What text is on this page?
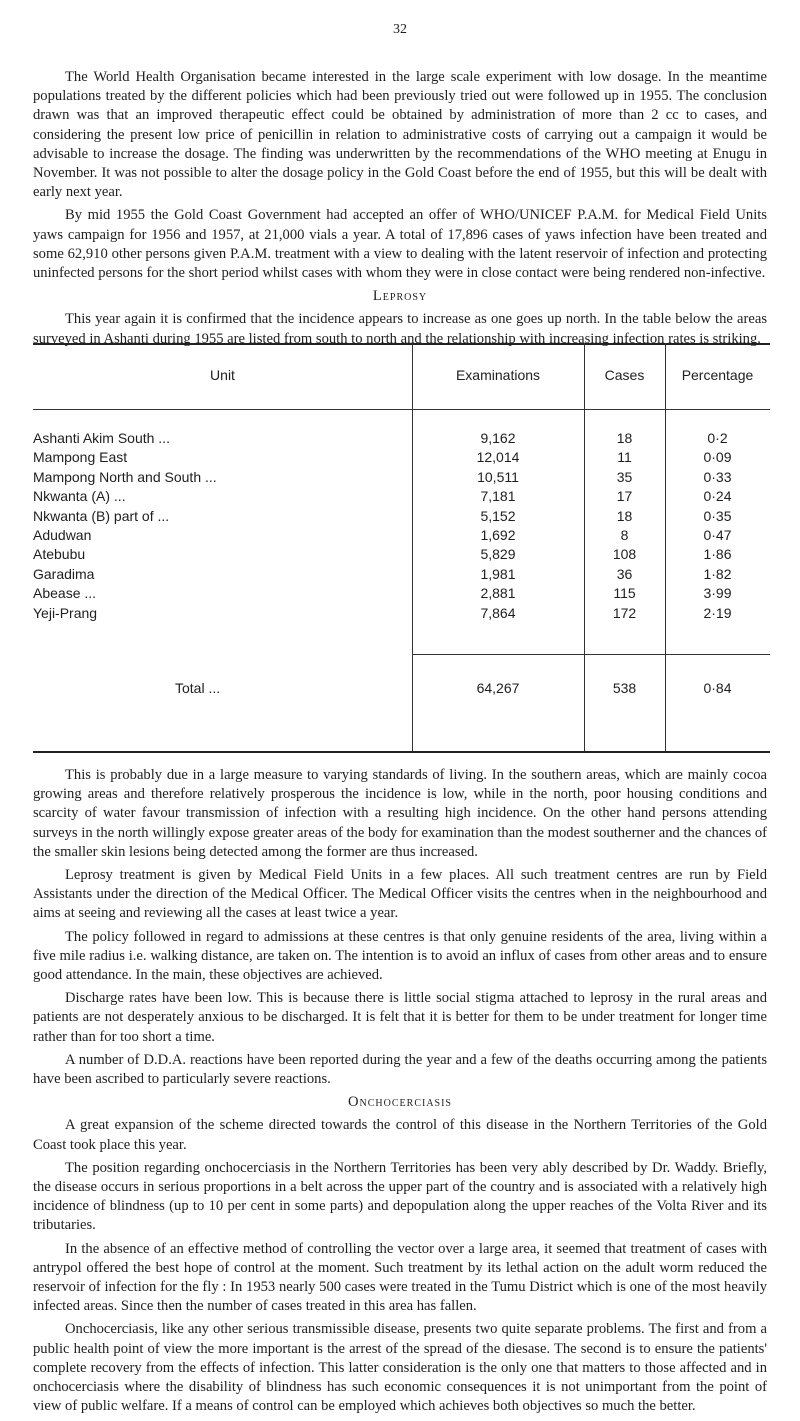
32

The World Health Organisation became interested in the large scale experiment with low dosage. In the meantime populations treated by the different policies which had been previously tried out were followed up in 1955. The conclusion drawn was that an improved therapeutic effect could be obtained by administration of more than 2 cc to cases, and considering the present low price of penicillin in relation to administrative costs of carrying out a campaign it would be advisable to increase the dosage. The finding was underwritten by the recommendations of the WHO meeting at Enugu in November. It was not possible to alter the dosage policy in the Gold Coast before the end of 1955, but this will be dealt with early next year.

By mid 1955 the Gold Coast Government had accepted an offer of WHO/UNICEF P.A.M. for Medical Field Units yaws campaign for 1956 and 1957, at 21,000 vials a year. A total of 17,896 cases of yaws infection have been treated and some 62,910 other persons given P.A.M. treatment with a view to dealing with the latent reservoir of infection and protecting uninfected persons for the short period whilst cases with whom they were in close contact were being rendered non-infective.

Leprosy

This year again it is confirmed that the incidence appears to increase as one goes up north. In the table below the areas surveyed in Ashanti during 1955 are listed from south to north and the relationship with increasing infection rates is striking.

Unit	Examinations	Cases	Percentage
Ashanti Akim South ...	9,162	18	0·2
Mampong East	12,014	11	0·09
Mampong North and South ...	10,511	35	0·33
Nkwanta (A) ...	7,181	17	0·24
Nkwanta (B) part of ...	5,152	18	0·35
Adudwan	1,692	8	0·47
Atebubu	5,829	108	1·86
Garadima	1,981	36	1·82
Abease ...	2,881	115	3·99
Yeji-Prang	7,864	172	2·19
Total ...	64,267	538	0·84

This is probably due in a large measure to varying standards of living. In the southern areas, which are mainly cocoa growing areas and therefore relatively prosperous the incidence is low, while in the north, poor housing conditions and scarcity of water favour transmission of infection with a resulting high incidence. On the other hand persons attending surveys in the north willingly expose greater areas of the body for examination than the modest southerner and the chances of the smaller skin lesions being detected among the former are thus increased.

Leprosy treatment is given by Medical Field Units in a few places. All such treatment centres are run by Field Assistants under the direction of the Medical Officer. The Medical Officer visits the centres when in the neighbourhood and aims at seeing and reviewing all the cases at least twice a year.

The policy followed in regard to admissions at these centres is that only genuine residents of the area, living within a five mile radius i.e. walking distance, are taken on. The intention is to avoid an influx of cases from other areas and to ensure good attendance. In the main, these objectives are achieved.

Discharge rates have been low. This is because there is little social stigma attached to leprosy in the rural areas and patients are not desperately anxious to be discharged. It is felt that it is better for them to be under treatment for longer time rather than for too short a time.

A number of D.D.A. reactions have been reported during the year and a few of the deaths occurring among the patients have been ascribed to particularly severe reactions.

Onchocerciasis

A great expansion of the scheme directed towards the control of this disease in the Northern Territories of the Gold Coast took place this year.

The position regarding onchocerciasis in the Northern Territories has been very ably described by Dr. Waddy. Briefly, the disease occurs in serious proportions in a belt across the upper part of the country and is associated with a relatively high incidence of blindness (up to 10 per cent in some parts) and depopulation along the upper reaches of the Volta River and its tributaries.

In the absence of an effective method of controlling the vector over a large area, it seemed that treatment of cases with antrypol offered the best hope of control at the moment. Such treatment by its lethal action on the adult worm reduced the reservoir of infection for the fly : In 1953 nearly 500 cases were treated in the Tumu District which is one of the most heavily infected areas. Since then the number of cases treated in this area has fallen.

Onchocerciasis, like any other serious transmissible disease, presents two quite separate problems. The first and from a public health point of view the more important is the arrest of the spread of the diesase. The second is to ensure the patients' complete recovery from the effects of infection. This latter consideration is the only one that matters to those affected and in onchocerciasis where the disability of blindness has such economic consequences it is not unimportant from the point of view of public welfare. If a means of control can be employed which achieves both objectives so much the better.
